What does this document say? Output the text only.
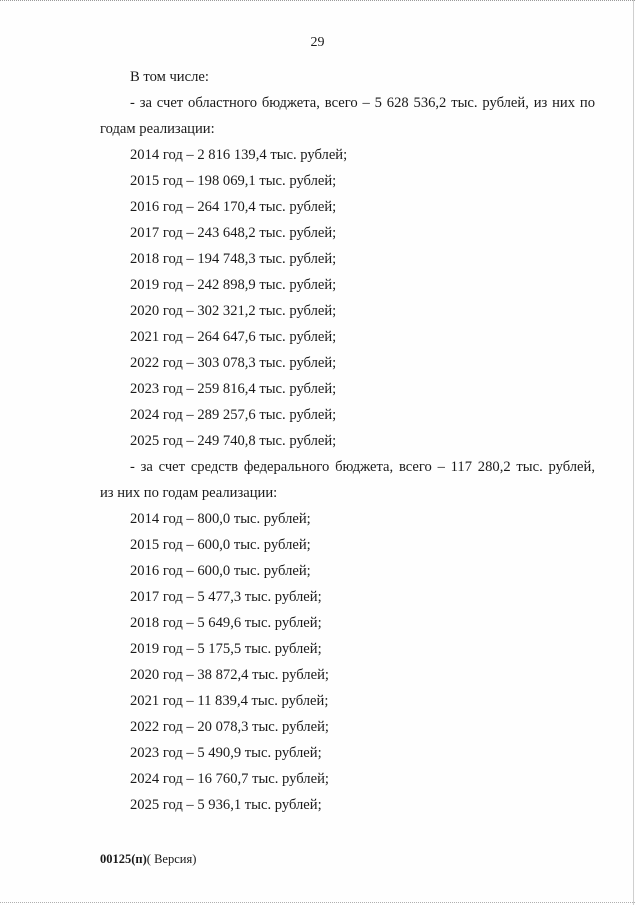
29
В том числе:
- за счет областного бюджета, всего – 5 628 536,2 тыс. рублей, из них по
годам реализации:
2014 год – 2 816 139,4 тыс. рублей;
2015 год – 198 069,1 тыс. рублей;
2016 год – 264 170,4 тыс. рублей;
2017 год – 243 648,2 тыс. рублей;
2018 год – 194 748,3 тыс. рублей;
2019 год – 242 898,9 тыс. рублей;
2020 год – 302 321,2 тыс. рублей;
2021 год – 264 647,6 тыс. рублей;
2022 год – 303 078,3 тыс. рублей;
2023 год – 259 816,4 тыс. рублей;
2024 год – 289 257,6 тыс. рублей;
2025 год – 249 740,8 тыс. рублей;
- за счет средств федерального бюджета, всего – 117 280,2 тыс. рублей,
из них по годам реализации:
2014 год – 800,0 тыс. рублей;
2015 год – 600,0 тыс. рублей;
2016 год – 600,0 тыс. рублей;
2017 год – 5 477,3 тыс. рублей;
2018 год – 5 649,6 тыс. рублей;
2019 год – 5 175,5 тыс. рублей;
2020 год – 38 872,4 тыс. рублей;
2021 год – 11 839,4 тыс. рублей;
2022 год – 20 078,3 тыс. рублей;
2023 год – 5 490,9 тыс. рублей;
2024 год – 16 760,7 тыс. рублей;
2025 год – 5 936,1 тыс. рублей;
00125(п)( Версия)
